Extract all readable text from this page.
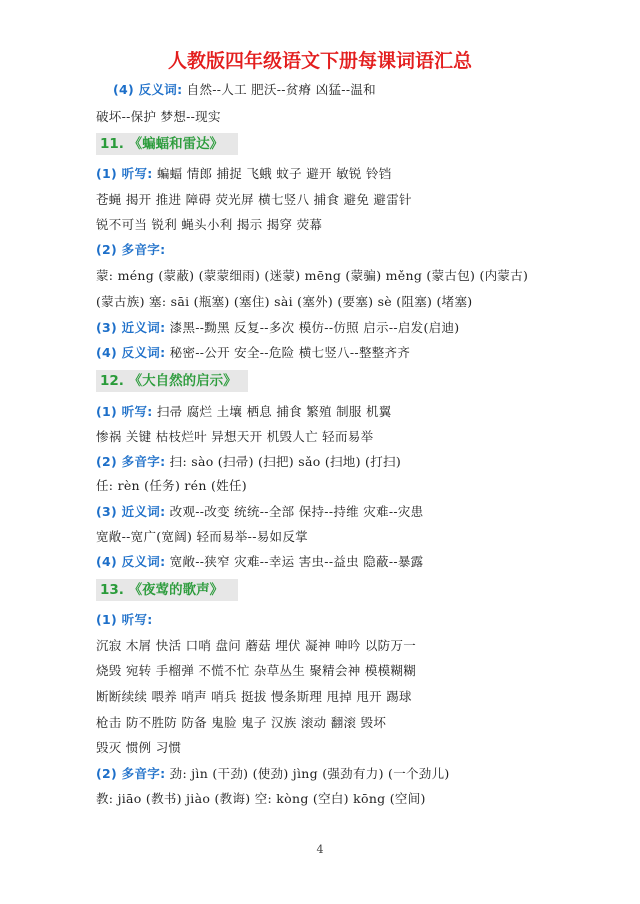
人教版四年级语文下册每课词语汇总
(4) 反义词: 自然--人工 肥沃--贫瘠 凶猛--温和
破坏--保护 梦想--现实
11. 《蝙蝠和雷达》
(1) 听写: 蝙蝠 情郎 捕捉 飞蛾 蚊子 避开 敏锐 铃铛
苍蝇 揭开 推进 障碍 荧光屏 横七竖八 捕食 避免 避雷针
锐不可当 锐利 蝇头小利 揭示 揭穿 荧幕
(2) 多音字:
蒙: méng (蒙蔽) (蒙蒙细雨) (迷蒙) mēng (蒙骗) měng (蒙古包) (内蒙古)
(蒙古族) 塞: sāi (瓶塞) (塞住) sài (塞外) (要塞) sè (阻塞) (堵塞)
(3) 近义词: 漆黑--黝黑 反复--多次 模仿--仿照 启示--启发(启迪)
(4) 反义词: 秘密--公开 安全--危险 横七竖八--整整齐齐
12. 《大自然的启示》
(1) 听写: 扫帚 腐烂 土壤 栖息 捕食 繁殖 制服 机翼
惨祸 关键 枯枝烂叶 异想天开 机毁人亡 轻而易举
(2) 多音字: 扫: sào (扫帚) (扫把) sǎo (扫地) (打扫)
任: rèn (任务) rén (姓任)
(3) 近义词: 改观--改变 统统--全部 保持--持维 灾难--灾患
宽敞--宽广(宽阔) 轻而易举--易如反掌
(4) 反义词: 宽敞--狭窄 灾难--幸运 害虫--益虫 隐蔽--暴露
13. 《夜莺的歌声》
(1) 听写:
沉寂 木屑 快活 口哨 盘问 蘑菇 埋伏 凝神 呻吟 以防万一
烧毁 宛转 手榴弹 不慌不忙 杂草丛生 聚精会神 模模糊糊
断断续续 喂养 哨声 哨兵 挺拔 慢条斯理 甩掉 甩开 踢球
枪击 防不胜防 防备 鬼脸 鬼子 汉族 滚动 翻滚 毁坏
毁灭 惯例 习惯
(2) 多音字: 劲: jìn (干劲) (使劲) jìng (强劲有力) (一个劲儿)
教: jiāo (教书) jiào (教诲) 空: kòng (空白) kōng (空间)
4
